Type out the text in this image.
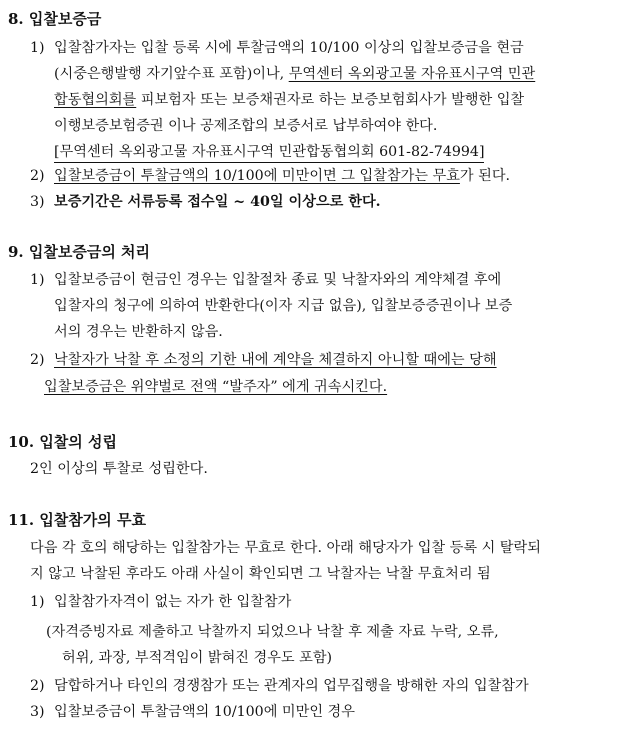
8. 입찰보증금
1) 입찰참가자는 입찰 등록 시에 투찰금액의 10/100 이상의 입찰보증금을 현금
(시중은행발행 자기앞수표 포함)이나, 무역센터 옥외광고물 자유표시구역 민관
합동협의회를 피보험자 또는 보증채권자로 하는 보증보험회사가 발행한 입찰
이행보증보험증권 이나 공제조합의 보증서로 납부하여야 한다.
[무역센터 옥외광고물 자유표시구역 민관합동협의회 601-82-74994]
2) 입찰보증금이 투찰금액의 10/100에 미만이면 그 입찰참가는 무효가 된다.
3) 보증기간은 서류등록 접수일 ~ 40일 이상으로 한다.
9. 입찰보증금의 처리
1) 입찰보증금이 현금인 경우는 입찰절차 종료 및 낙찰자와의 계약체결 후에
입찰자의 청구에 의하여 반환한다(이자 지급 없음), 입찰보증증권이나 보증
서의 경우는 반환하지 않음.
2) 낙찰자가 낙찰 후 소정의 기한 내에 계약을 체결하지 아니할 때에는 당해
입찰보증금은 위약벌로 전액 “발주자” 에게 귀속시킨다.
10. 입찰의 성립
2인 이상의 투찰로 성립한다.
11. 입찰참가의 무효
다음 각 호의 해당하는 입찰참가는 무효로 한다. 아래 해당자가 입찰 등록 시 탈락되
지 않고 낙찰된 후라도 아래 사실이 확인되면 그 낙찰자는 낙찰 무효처리 됨
1) 입찰참가자격이 없는 자가 한 입찰참가
(자격증빙자료 제출하고 낙찰까지 되었으나 낙찰 후 제출 자료 누락, 오류,
허위, 과장, 부적격임이 밝혀진 경우도 포함)
2) 담합하거나 타인의 경쟁참가 또는 관계자의 업무집행을 방해한 자의 입찰참가
3) 입찰보증금이 투찰금액의 10/100에 미만인 경우
